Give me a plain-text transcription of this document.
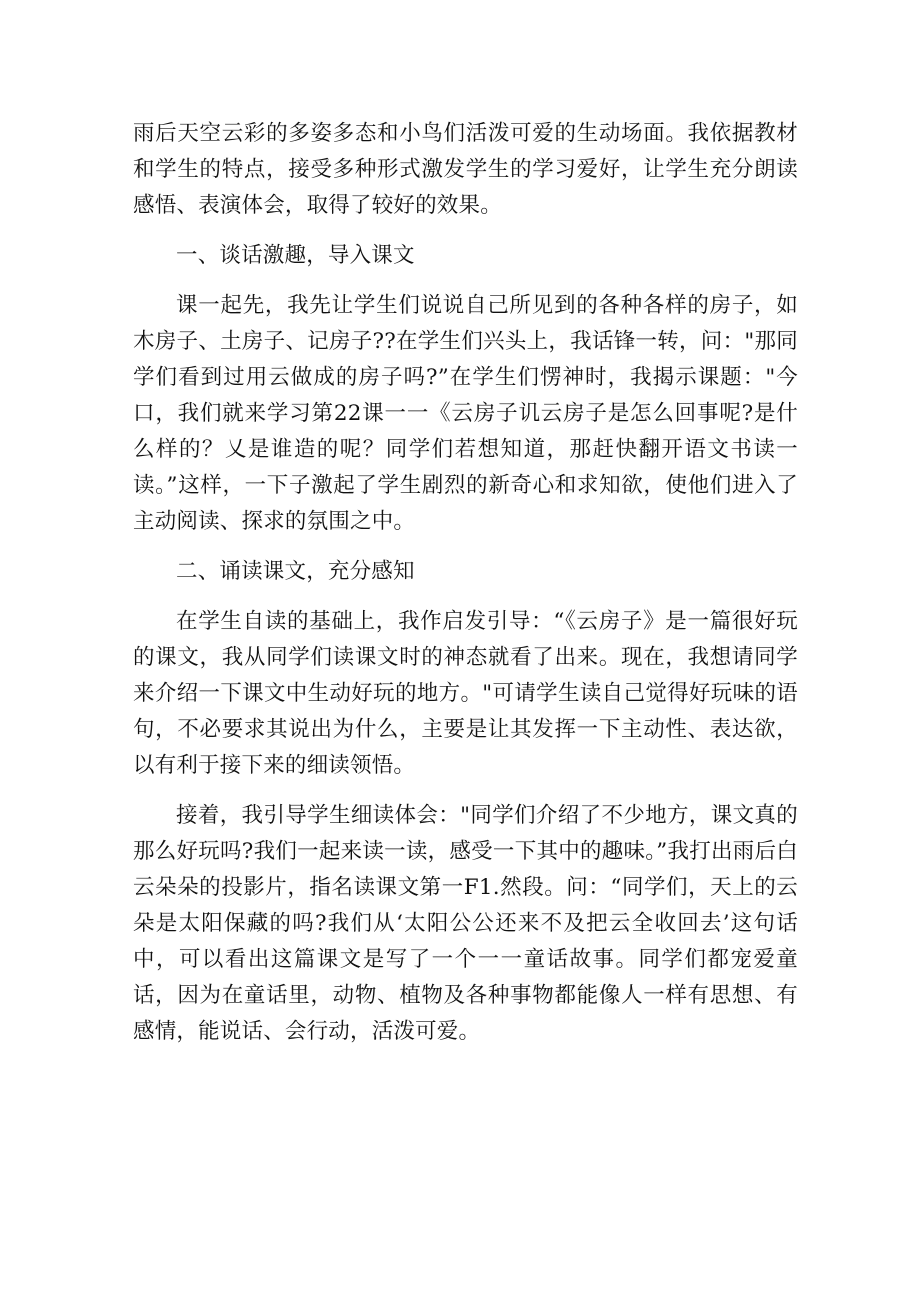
雨后天空云彩的多姿多态和小鸟们活泼可爱的生动场面。我依据教材和学生的特点，接受多种形式激发学生的学习爱好，让学生充分朗读感悟、表演体会，取得了较好的效果。

一、谈话激趣，导入课文

课一起先，我先让学生们说说自己所见到的各种各样的房子，如木房子、土房子、记房子??在学生们兴头上，我话锋一转，问："那同学们看到过用云做成的房子吗?”在学生们愣神时，我揭示课题："今口，我们就来学习第22课一一《云房子讥云房子是怎么回事呢?是什么样的？乂是谁造的呢？同学们若想知道，那赶快翻开语文书读一读。”这样，一下子激起了学生剧烈的新奇心和求知欲，使他们进入了主动阅读、探求的氛围之中。

二、诵读课文，充分感知

在学生自读的基础上，我作启发引导：“《云房子》是一篇很好玩的课文，我从同学们读课文时的神态就看了出来。现在，我想请同学来介绍一下课文中生动好玩的地方。"可请学生读自己觉得好玩味的语句，不必要求其说出为什么，主要是让其发挥一下主动性、表达欲，以有利于接下来的细读领悟。

接着，我引导学生细读体会："同学们介绍了不少地方，课文真的那么好玩吗?我们一起来读一读，感受一下其中的趣味。”我打出雨后白云朵朵的投影片，指名读课文第一F1.然段。问：“同学们，天上的云朵是太阳保藏的吗?我们从‘太阳公公还来不及把云全收回去’这句话中，可以看出这篇课文是写了一个一一童话故事。同学们都宠爱童话，因为在童话里，动物、植物及各种事物都能像人一样有思想、有感情，能说话、会行动，活泼可爱。
